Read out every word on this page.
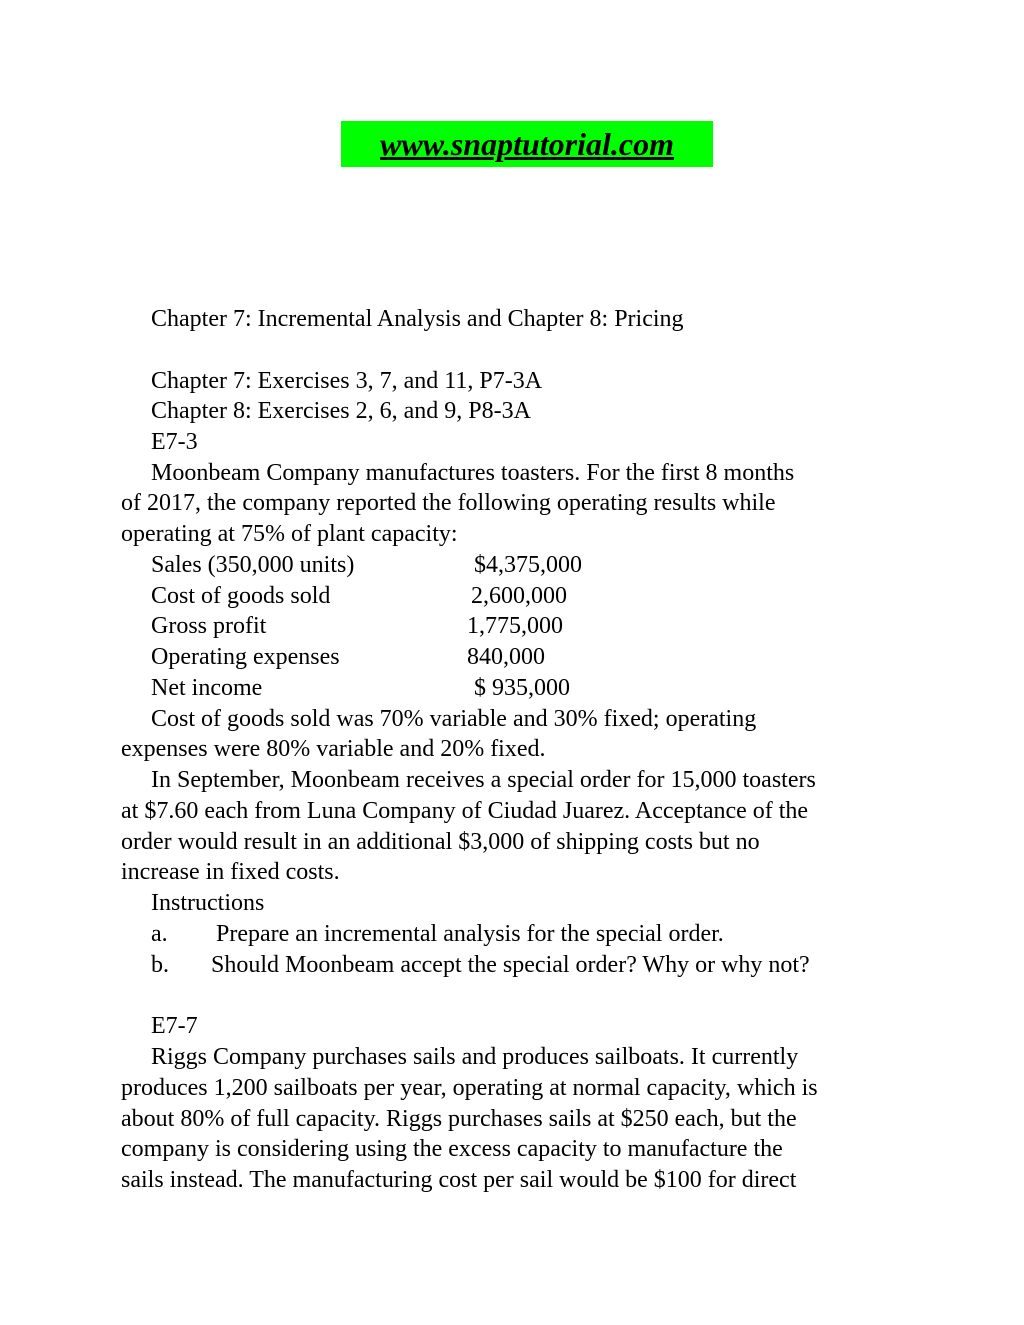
www.snaptutorial.com
Chapter 7: Incremental Analysis and Chapter 8: Pricing
Chapter 7: Exercises 3, 7, and 11, P7-3A
Chapter 8: Exercises 2, 6, and 9, P8-3A
E7-3
Moonbeam Company manufactures toasters. For the first 8 months
of 2017, the company reported the following operating results while
operating at 75% of plant capacity:
Sales (350,000 units)	$4,375,000
Cost of goods sold	2,600,000
Gross profit	1,775,000
Operating expenses	840,000
Net income	$ 935,000
Cost of goods sold was 70% variable and 30% fixed; operating
expenses were 80% variable and 20% fixed.
In September, Moonbeam receives a special order for 15,000 toasters
at $7.60 each from Luna Company of Ciudad Juarez. Acceptance of the
order would result in an additional $3,000 of shipping costs but no
increase in fixed costs.
Instructions
a. Prepare an incremental analysis for the special order.
b. Should Moonbeam accept the special order? Why or why not?
E7-7
Riggs Company purchases sails and produces sailboats. It currently
produces 1,200 sailboats per year, operating at normal capacity, which is
about 80% of full capacity. Riggs purchases sails at $250 each, but the
company is considering using the excess capacity to manufacture the
sails instead. The manufacturing cost per sail would be $100 for direct
